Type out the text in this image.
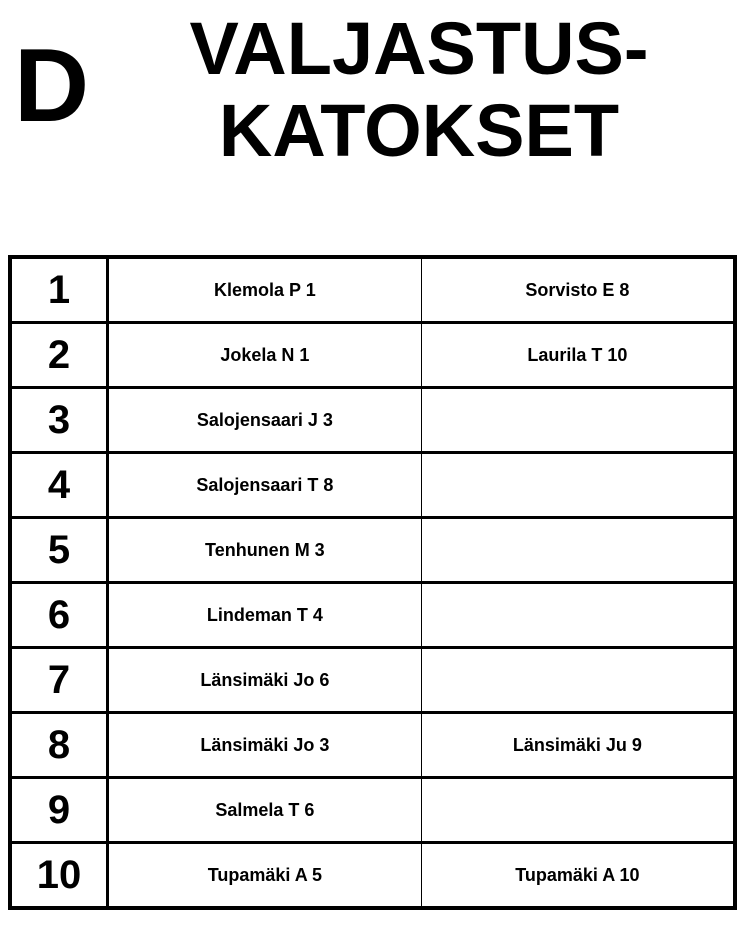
D	VALJASTUS-
KATOKSET
1	Klemola P 1	Sorvisto E 8
2	Jokela N 1	Laurila T 10
3	Salojensaari J 3	
4	Salojensaari T 8	
5	Tenhunen M 3	
6	Lindeman T 4	
7	Länsimäki Jo 6	
8	Länsimäki Jo 3	Länsimäki Ju 9
9	Salmela T 6	
10	Tupamäki A 5	Tupamäki A 10
